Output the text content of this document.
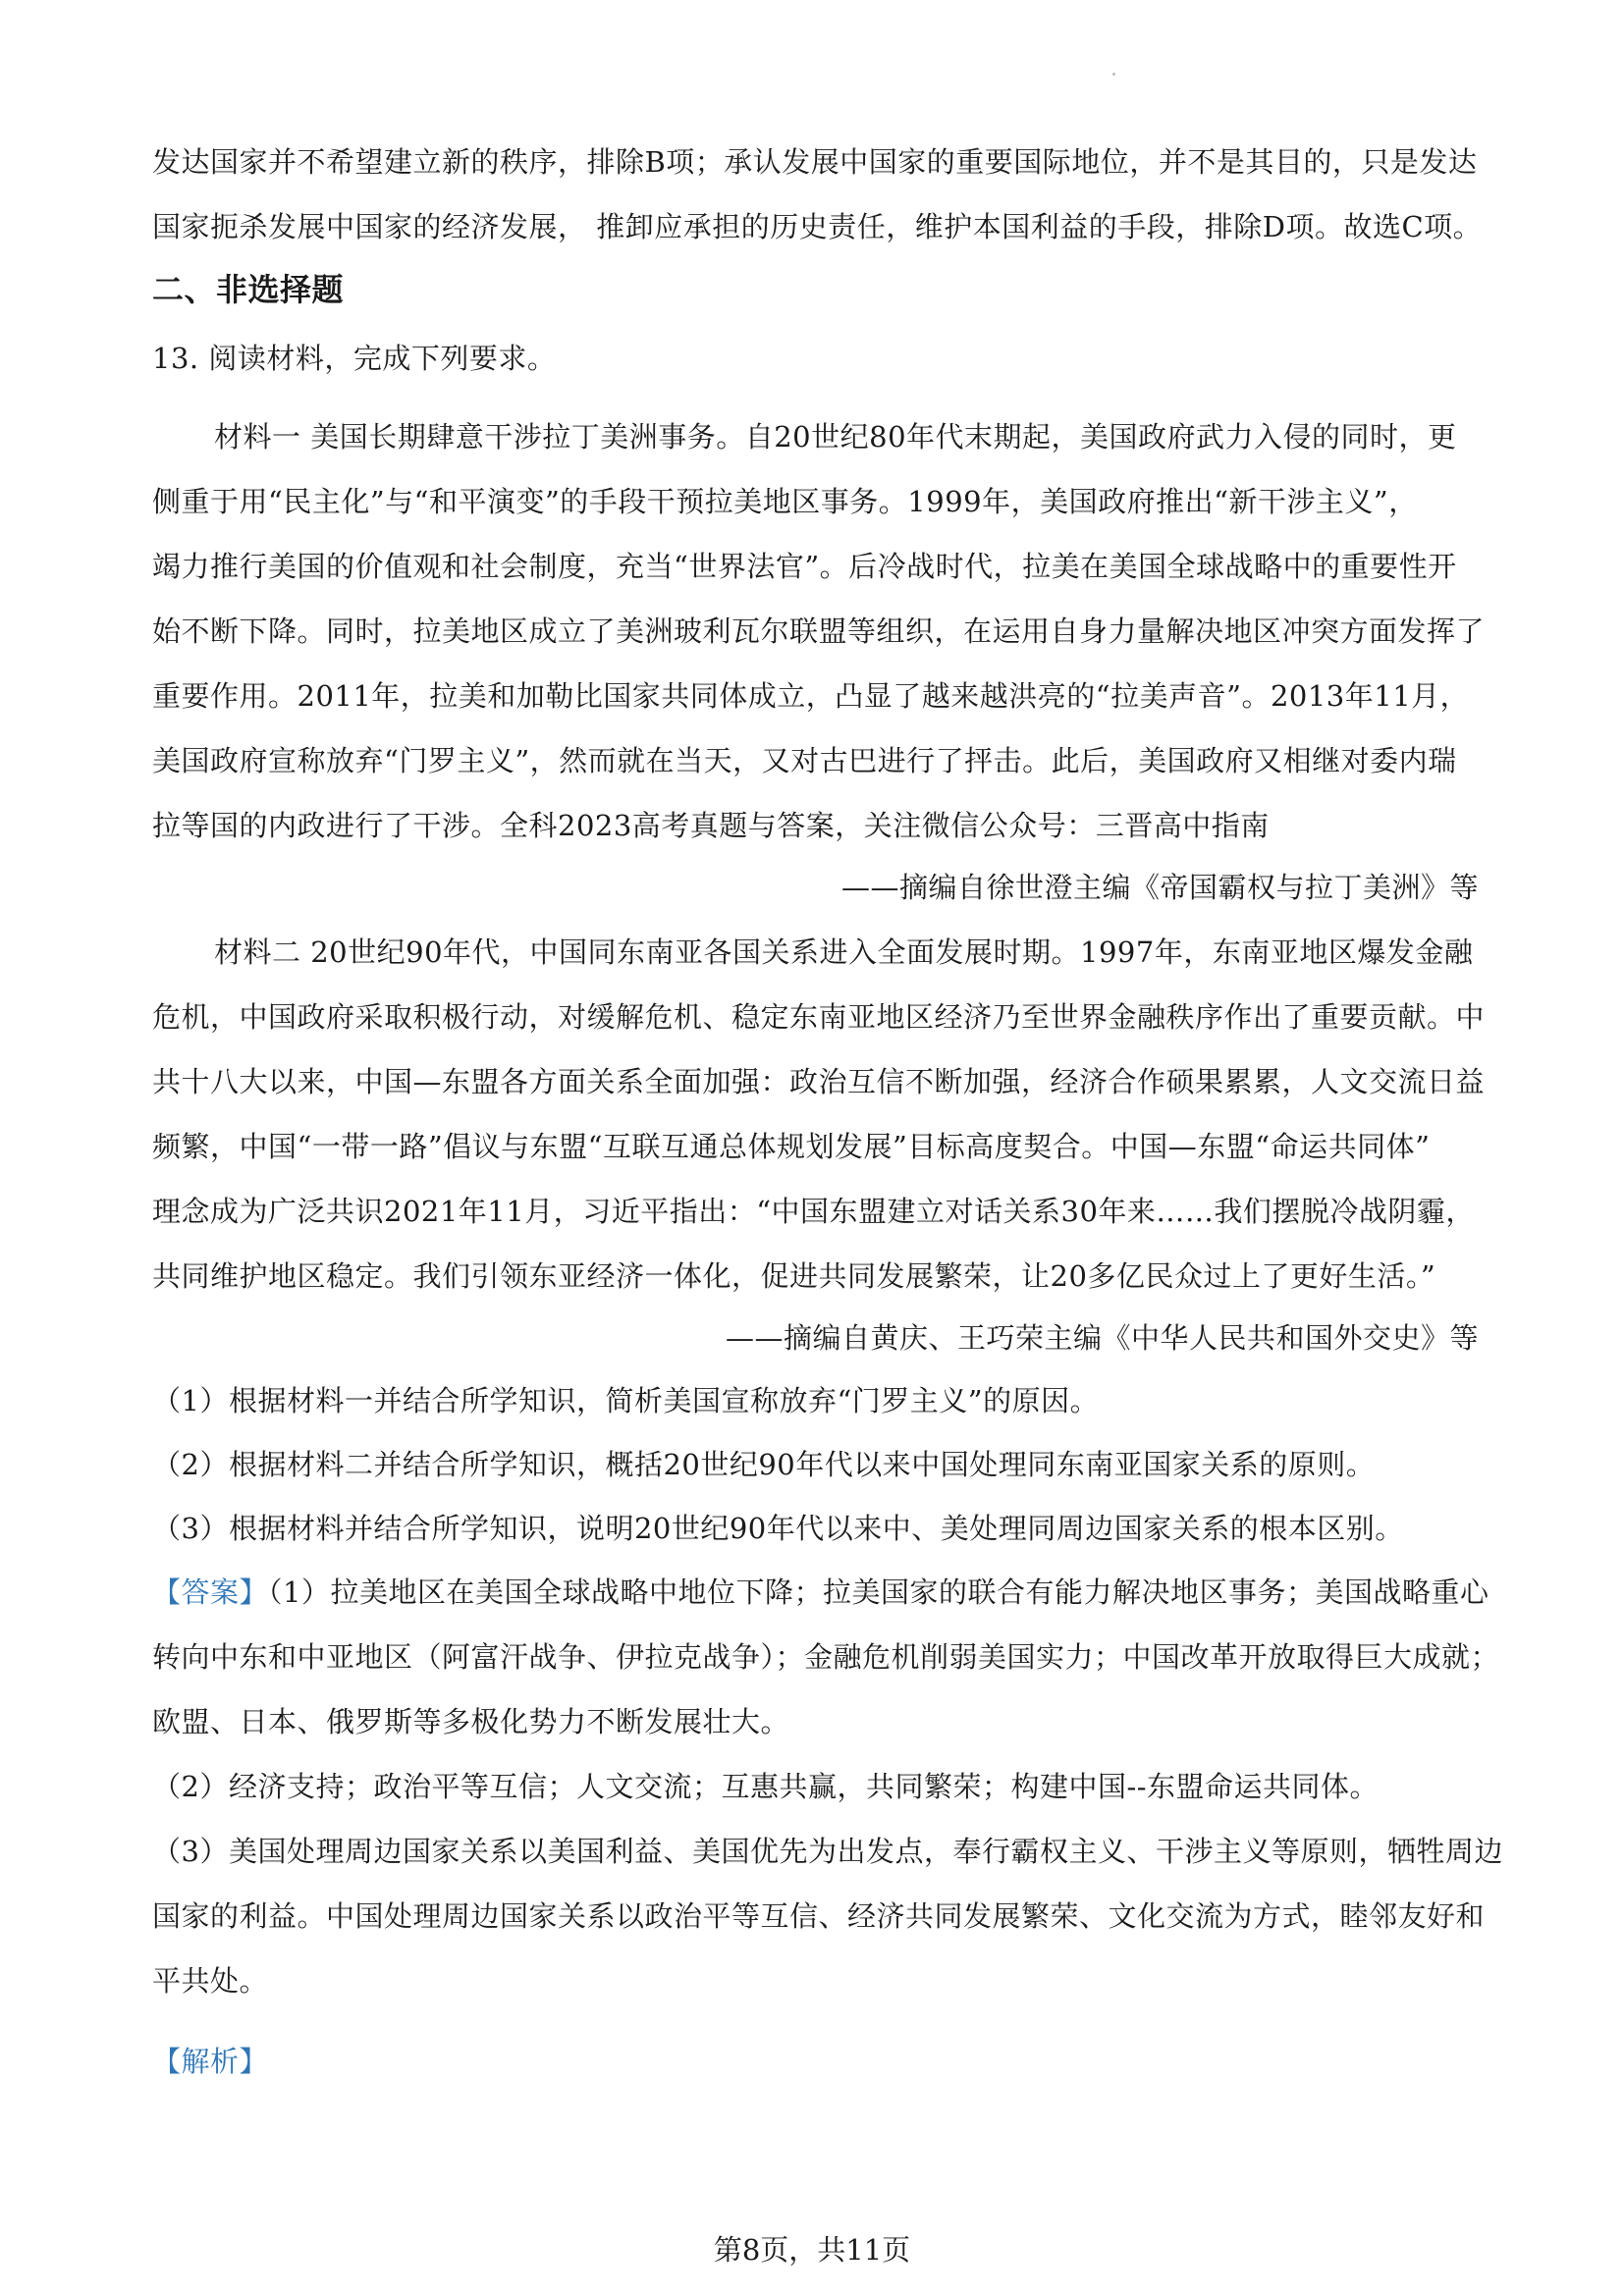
发达国家并不希望建立新的秩序，排除B项；承认发展中国家的重要国际地位，并不是其目的，只是发达
国家扼杀发展中国家的经济发展， 推卸应承担的历史责任，维护本国利益的手段，排除D项。故选C项。
二、非选择题
13. 阅读材料，完成下列要求。
材料一 美国长期肆意干涉拉丁美洲事务。自20世纪80年代末期起，美国政府武力入侵的同时，更
侧重于用“民主化”与“和平演变”的手段干预拉美地区事务。1999年，美国政府推出“新干涉主义”，
竭力推行美国的价值观和社会制度，充当“世界法官”。后冷战时代，拉美在美国全球战略中的重要性开
始不断下降。同时，拉美地区成立了美洲玻利瓦尔联盟等组织，在运用自身力量解决地区冲突方面发挥了
重要作用。2011年，拉美和加勒比国家共同体成立，凸显了越来越洪亮的“拉美声音”。2013年11月，
美国政府宣称放弃“门罗主义”，然而就在当天，又对古巴进行了抨击。此后，美国政府又相继对委内瑞
拉等国的内政进行了干涉。全科2023高考真题与答案，关注微信公众号：三晋高中指南
——摘编自徐世澄主编《帝国霸权与拉丁美洲》等
材料二 20世纪90年代，中国同东南亚各国关系进入全面发展时期。1997年，东南亚地区爆发金融
危机，中国政府采取积极行动，对缓解危机、稳定东南亚地区经济乃至世界金融秩序作出了重要贡献。中
共十八大以来，中国—东盟各方面关系全面加强：政治互信不断加强，经济合作硕果累累，人文交流日益
频繁，中国“一带一路”倡议与东盟“互联互通总体规划发展”目标高度契合。中国—东盟“命运共同体”
理念成为广泛共识2021年11月，习近平指出：“中国东盟建立对话关系30年来……我们摆脱冷战阴霾，
共同维护地区稳定。我们引领东亚经济一体化，促进共同发展繁荣，让20多亿民众过上了更好生活。”
——摘编自黄庆、王巧荣主编《中华人民共和国外交史》等
（1）根据材料一并结合所学知识，简析美国宣称放弃“门罗主义”的原因。
（2）根据材料二并结合所学知识，概括20世纪90年代以来中国处理同东南亚国家关系的原则。
（3）根据材料并结合所学知识，说明20世纪90年代以来中、美处理同周边国家关系的根本区别。
【答案】（1）拉美地区在美国全球战略中地位下降；拉美国家的联合有能力解决地区事务；美国战略重心
转向中东和中亚地区（阿富汗战争、伊拉克战争）；金融危机削弱美国实力；中国改革开放取得巨大成就；
欧盟、日本、俄罗斯等多极化势力不断发展壮大。
（2）经济支持；政治平等互信；人文交流；互惠共赢，共同繁荣；构建中国--东盟命运共同体。
（3）美国处理周边国家关系以美国利益、美国优先为出发点，奉行霸权主义、干涉主义等原则，牺牲周边
国家的利益。中国处理周边国家关系以政治平等互信、经济共同发展繁荣、文化交流为方式，睦邻友好和
平共处。
【解析】
第8页，共11页
